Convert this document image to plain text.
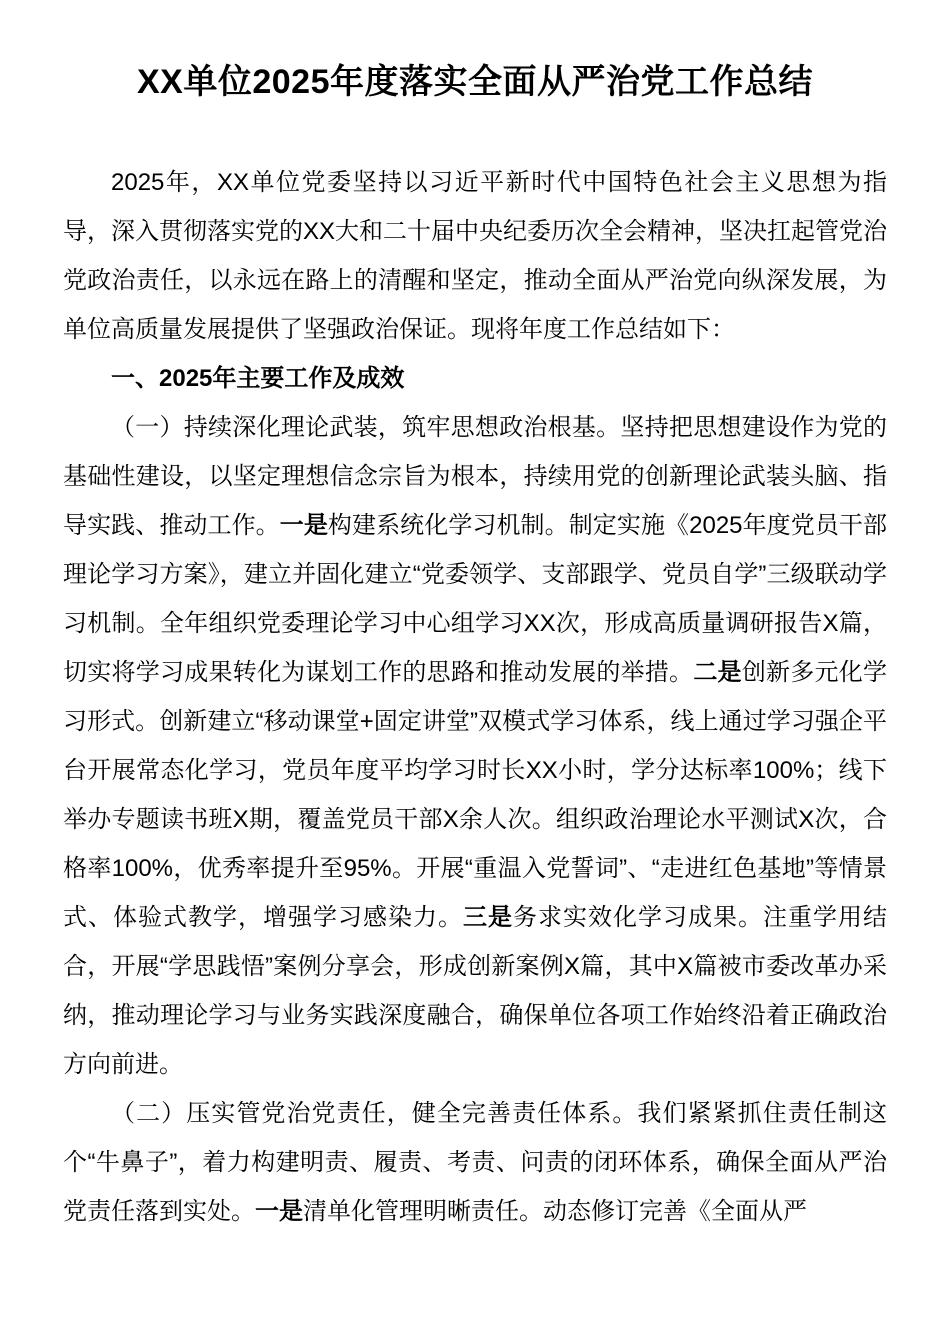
XX单位2025年度落实全面从严治党工作总结

2025年，XX单位党委坚持以习近平新时代中国特色社会主义思想为指导，深入贯彻落实党的XX大和二十届中央纪委历次全会精神，坚决扛起管党治党政治责任，以永远在路上的清醒和坚定，推动全面从严治党向纵深发展，为单位高质量发展提供了坚强政治保证。现将年度工作总结如下：

一、2025年主要工作及成效

（一）持续深化理论武装，筑牢思想政治根基。坚持把思想建设作为党的基础性建设，以坚定理想信念宗旨为根本，持续用党的创新理论武装头脑、指导实践、推动工作。一是构建系统化学习机制。制定实施《2025年度党员干部理论学习方案》，建立并固化建立“党委领学、支部跟学、党员自学”三级联动学习机制。全年组织党委理论学习中心组学习XX次，形成高质量调研报告X篇，切实将学习成果转化为谋划工作的思路和推动发展的举措。二是创新多元化学习形式。创新建立“移动课堂+固定讲堂”双模式学习体系，线上通过学习强企平台开展常态化学习，党员年度平均学习时长XX小时，学分达标率100%；线下举办专题读书班X期，覆盖党员干部X余人次。组织政治理论水平测试X次，合格率100%，优秀率提升至95%。开展“重温入党誓词”、“走进红色基地”等情景式、体验式教学，增强学习感染力。三是务求实效化学习成果。注重学用结合，开展“学思践悟”案例分享会，形成创新案例X篇，其中X篇被市委改革办采纳，推动理论学习与业务实践深度融合，确保单位各项工作始终沿着正确政治方向前进。

（二）压实管党治党责任，健全完善责任体系。我们紧紧抓住责任制这个“牛鼻子”，着力构建明责、履责、考责、问责的闭环体系，确保全面从严治党责任落到实处。一是清单化管理明晰责任。动态修订完善《全面从严
